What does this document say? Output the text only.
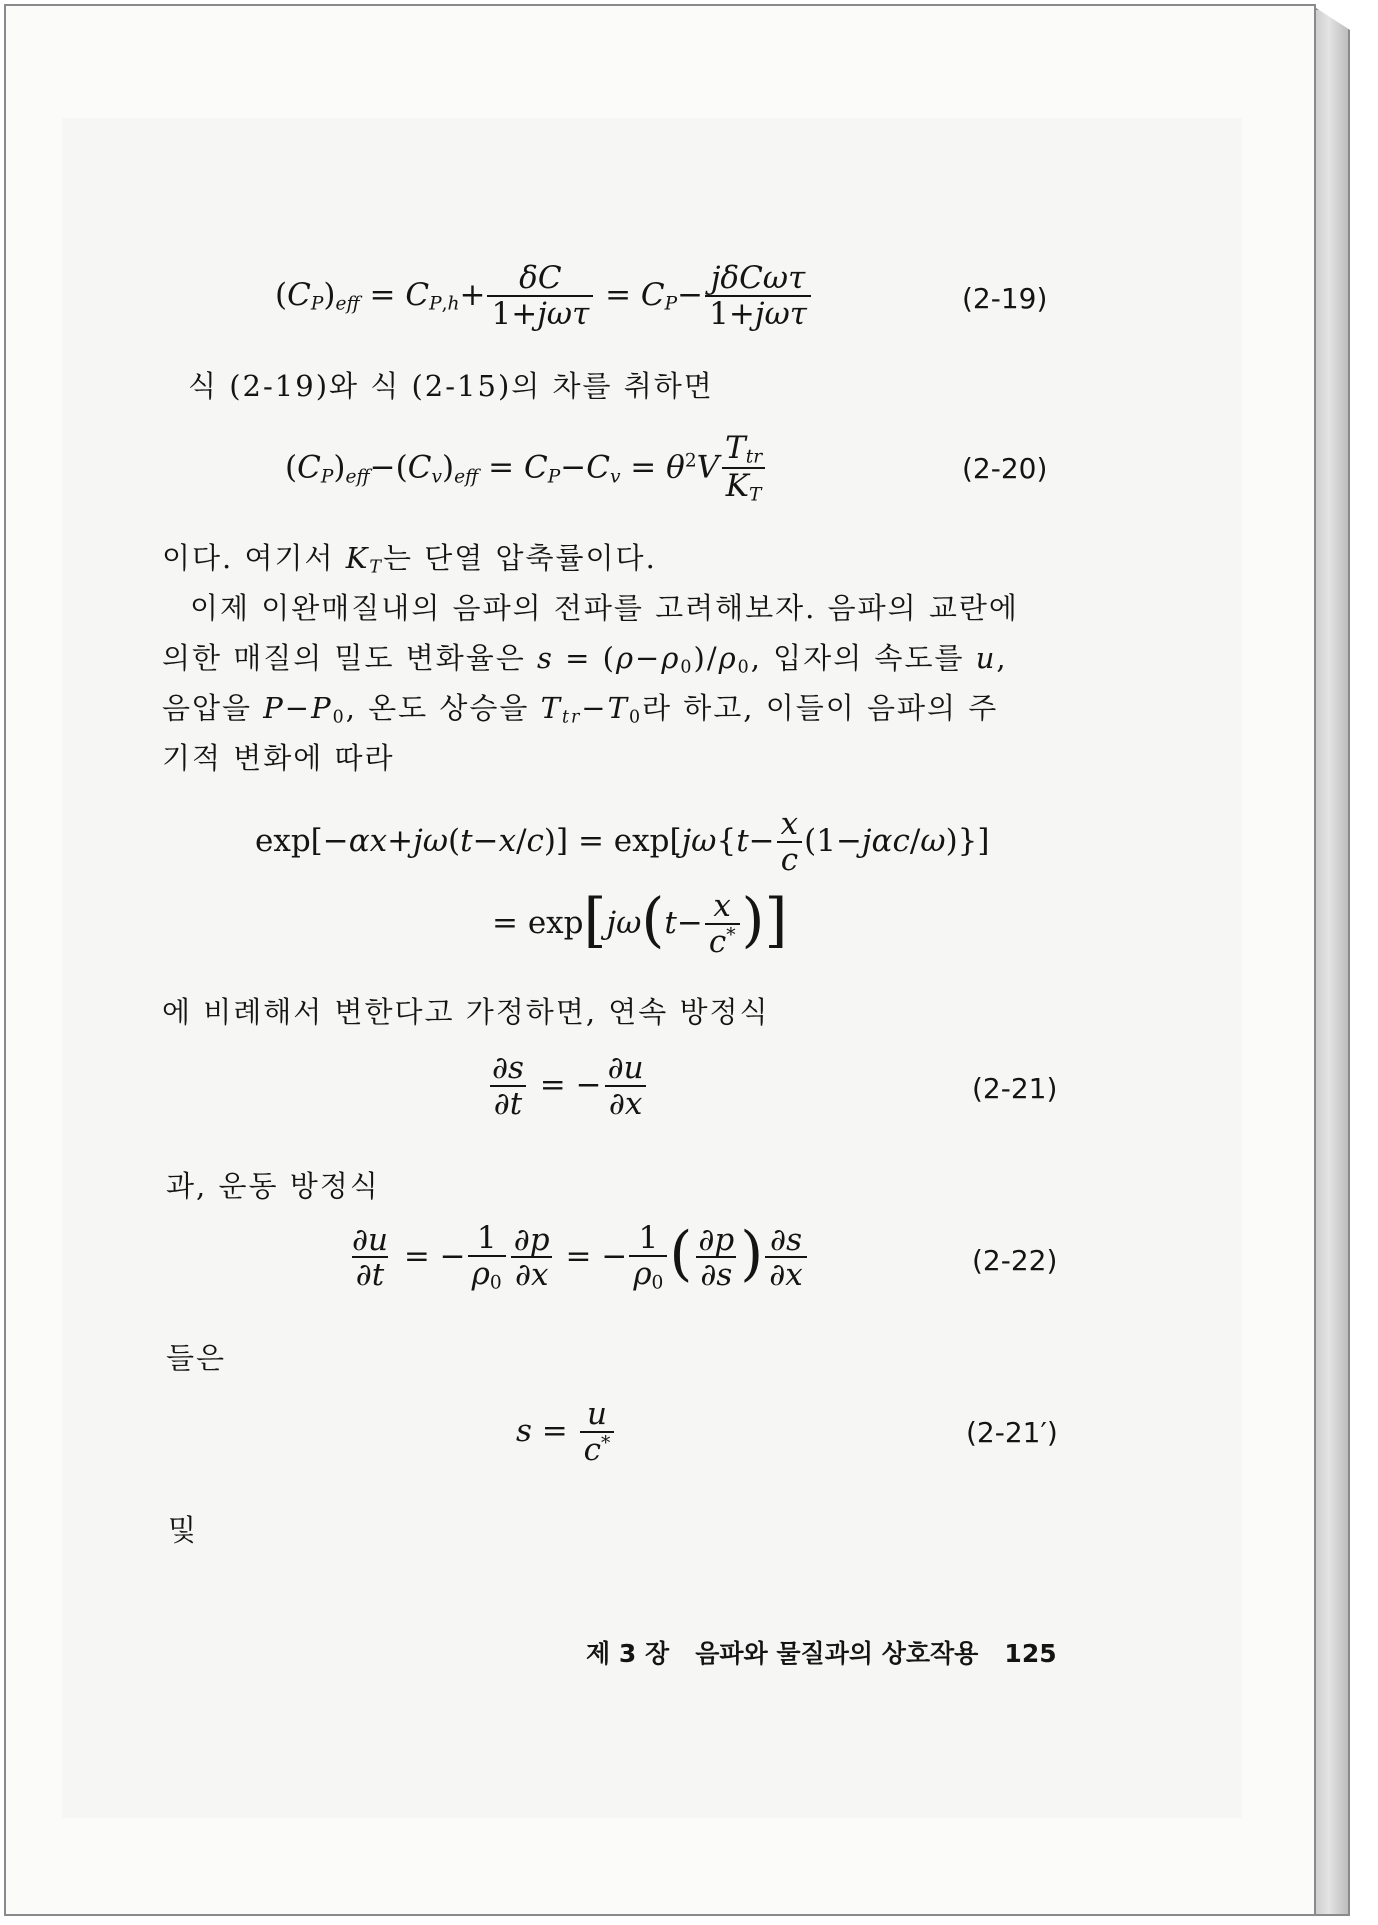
$(C_P)_{eff} = C_{P,h}+ \frac{\delta C}{\text{1+jωτ}} = C_P- \frac{\text{jδCωτ}}{\text{1+jωτ}}$	(2-19)
식 (2-19)와 식 (2-15)의 차를 취하면
$(C_P)_{eff}-(C_v)_{eff} = C_P-C_v = \theta^2V \frac{T_{tr}}{K_T}$	(2-20)
이다. 여기서 $K_T$는 단열 압축률이다.
이제 이완매질내의 음파의 전파를 고려해보자. 음파의 교란에
의한 매질의 밀도 변화율은 $s = (\rho-\rho_0)/\rho_0$, 입자의 속도를 u,
음압을 $P-P_0$, 온도 상승을 $T_{tr}-T_0$라 하고, 이들이 음파의 주
기적 변화에 따라
$\exp[-\alpha x+j\omega(t-x/c)] = \exp[j\omega\{t- \frac{x}{c} (1-j\alpha c/\omega)\}]$
= $\exp[j\omega(t- \frac{x}{c^*}$ )]
에 비례해서 변한다고 가정하면, 연속 방정식
$\frac{\partial s}{\partial t}$ = − $\frac{\partial u}{\partial x}$	(2-21)
과, 운동 방정식
$\frac{\partial u}{\partial t}$ = − $\frac{1}{\rho_0} \frac{\partial p}{\partial x}$ = − $\frac{1}{\rho_0}$ ( $\frac{\partial p}{\partial s}$ ) $\frac{\partial s}{\partial x}$	(2-22)
들은
$s = \frac{u}{c^*}$	(2-21′)
및
제 3 장 음파와 물질과의 상호작용 125
